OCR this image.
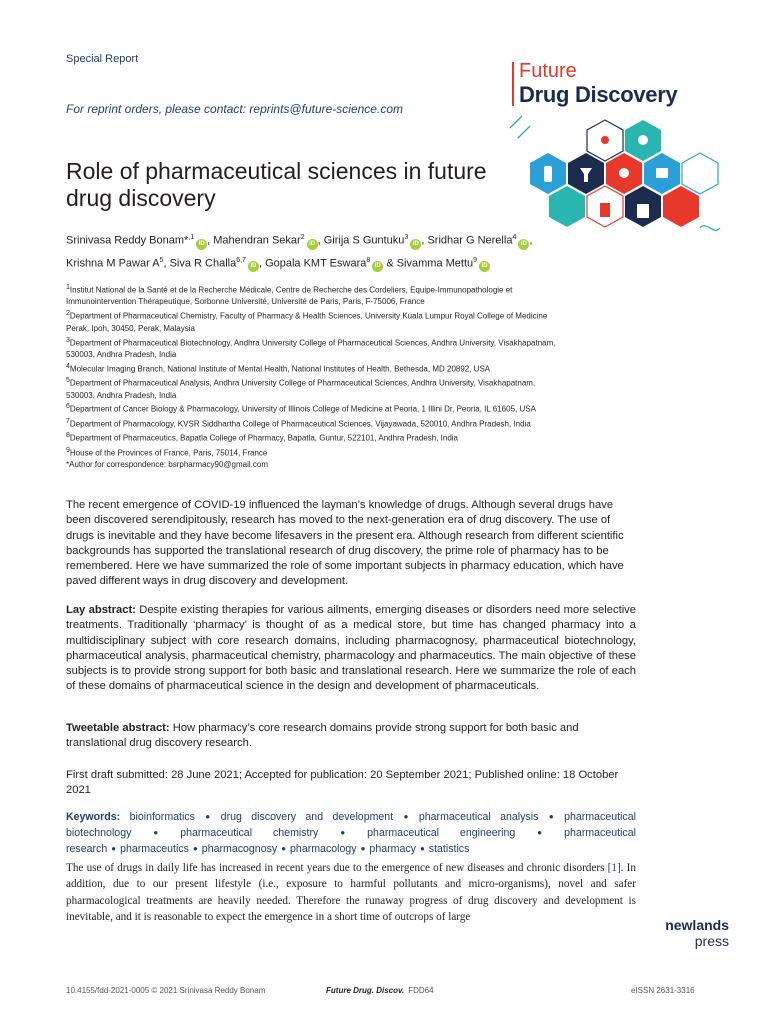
Special Report
For reprint orders, please contact: reprints@future-science.com
Future
Drug Discovery
Role of pharmaceutical sciences in future
drug discovery
Srinivasa Reddy Bonam*$^{,1}$iD , Mahendran Sekar$^2$iD , Girija S Guntuku$^3$iD , Sridhar G Nerella$^4$iD , Krishna M Pawar $A^5$, Siva R Challa$^{6,7}$iD , Gopala KMT Eswara$^8$iD & Sivamma Mettu$^9$iD
$^1$Institut National de la Santé et de la Recherche Médicale, Centre de Recherche des Cordeliers, Equipe-Immunopathologie et Immunointervention Thérapeutique, Sorbonne Université, Université de Paris, Paris, F-75006, France
$^2$Department of Pharmaceutical Chemistry, Faculty of Pharmacy & Health Sciences, University Kuala Lumpur Royal College of Medicine Perak, Ipoh, 30450, Perak, Malaysia
$^3$Department of Pharmaceutical Biotechnology, Andhra University College of Pharmaceutical Sciences, Andhra University, Visakhapatnam, 530003, Andhra Pradesh, India
$^4$Molecular Imaging Branch, National Institute of Mental Health, National Institutes of Health, Bethesda, MD 20892, USA
$^5$Department of Pharmaceutical Analysis, Andhra University College of Pharmaceutical Sciences, Andhra University, Visakhapatnam, 530003, Andhra Pradesh, India
$^6$Department of Cancer Biology & Pharmacology, University of Illinois College of Medicine at Peoria, 1 Illini Dr, Peoria, IL 61605, USA
$^7$Department of Pharmacology, KVSR Siddhartha College of Pharmaceutical Sciences, Vijayawada, 520010, Andhra Pradesh, India
$^8$Department of Pharmaceutics, Bapatla College of Pharmacy, Bapatla, Guntur, 522101, Andhra Pradesh, India
$^9$House of the Provinces of France, Paris, 75014, France
*Author for correspondence: bsrpharmacy90@gmail.com
The recent emergence of COVID-19 influenced the layman’s knowledge of drugs. Although several drugs have been discovered serendipitously, research has moved to the next-generation era of drug discovery. The use of drugs is inevitable and they have become lifesavers in the present era. Although research from different scientific backgrounds has supported the translational research of drug discovery, the prime role of pharmacy has to be remembered. Here we have summarized the role of some important subjects in pharmacy education, which have paved different ways in drug discovery and development.
Lay abstract: Despite existing therapies for various ailments, emerging diseases or disorders need more selective treatments. Traditionally ‘pharmacy’ is thought of as a medical store, but time has changed pharmacy into a multidisciplinary subject with core research domains, including pharmacognosy, pharmaceutical biotechnology, pharmaceutical analysis, pharmaceutical chemistry, pharmacology and pharmaceutics. The main objective of these subjects is to provide strong support for both basic and translational research. Here we summarize the role of each of these domains of pharmaceutical science in the design and development of pharmaceuticals.
Tweetable abstract: How pharmacy’s core research domains provide strong support for both basic and translational drug discovery research.
First draft submitted: 28 June 2021; Accepted for publication: 20 September 2021; Published online: 18 October 2021
Keywords: bioinformatics ● drug discovery and development ● pharmaceutical analysis ● pharmaceutical biotechnology ● pharmaceutical chemistry ● pharmaceutical engineering ● pharmaceutical research ● pharmaceutics ● pharmacognosy ● pharmacology ● pharmacy ● statistics
The use of drugs in daily life has increased in recent years due to the emergence of new diseases and chronic disorders [1]. In addition, due to our present lifestyle (i.e., exposure to harmful pollutants and micro-organisms), novel and safer pharmacological treatments are heavily needed. Therefore the runaway progress of drug discovery and development is inevitable, and it is reasonable to expect the emergence in a short time of outcrops of large
newlands
press
10.4155/fdd-2021-0005 © 2021 Srinivasa Reddy Bonam	Future Drug. Discov. FDD64	eISSN 2631-3316
